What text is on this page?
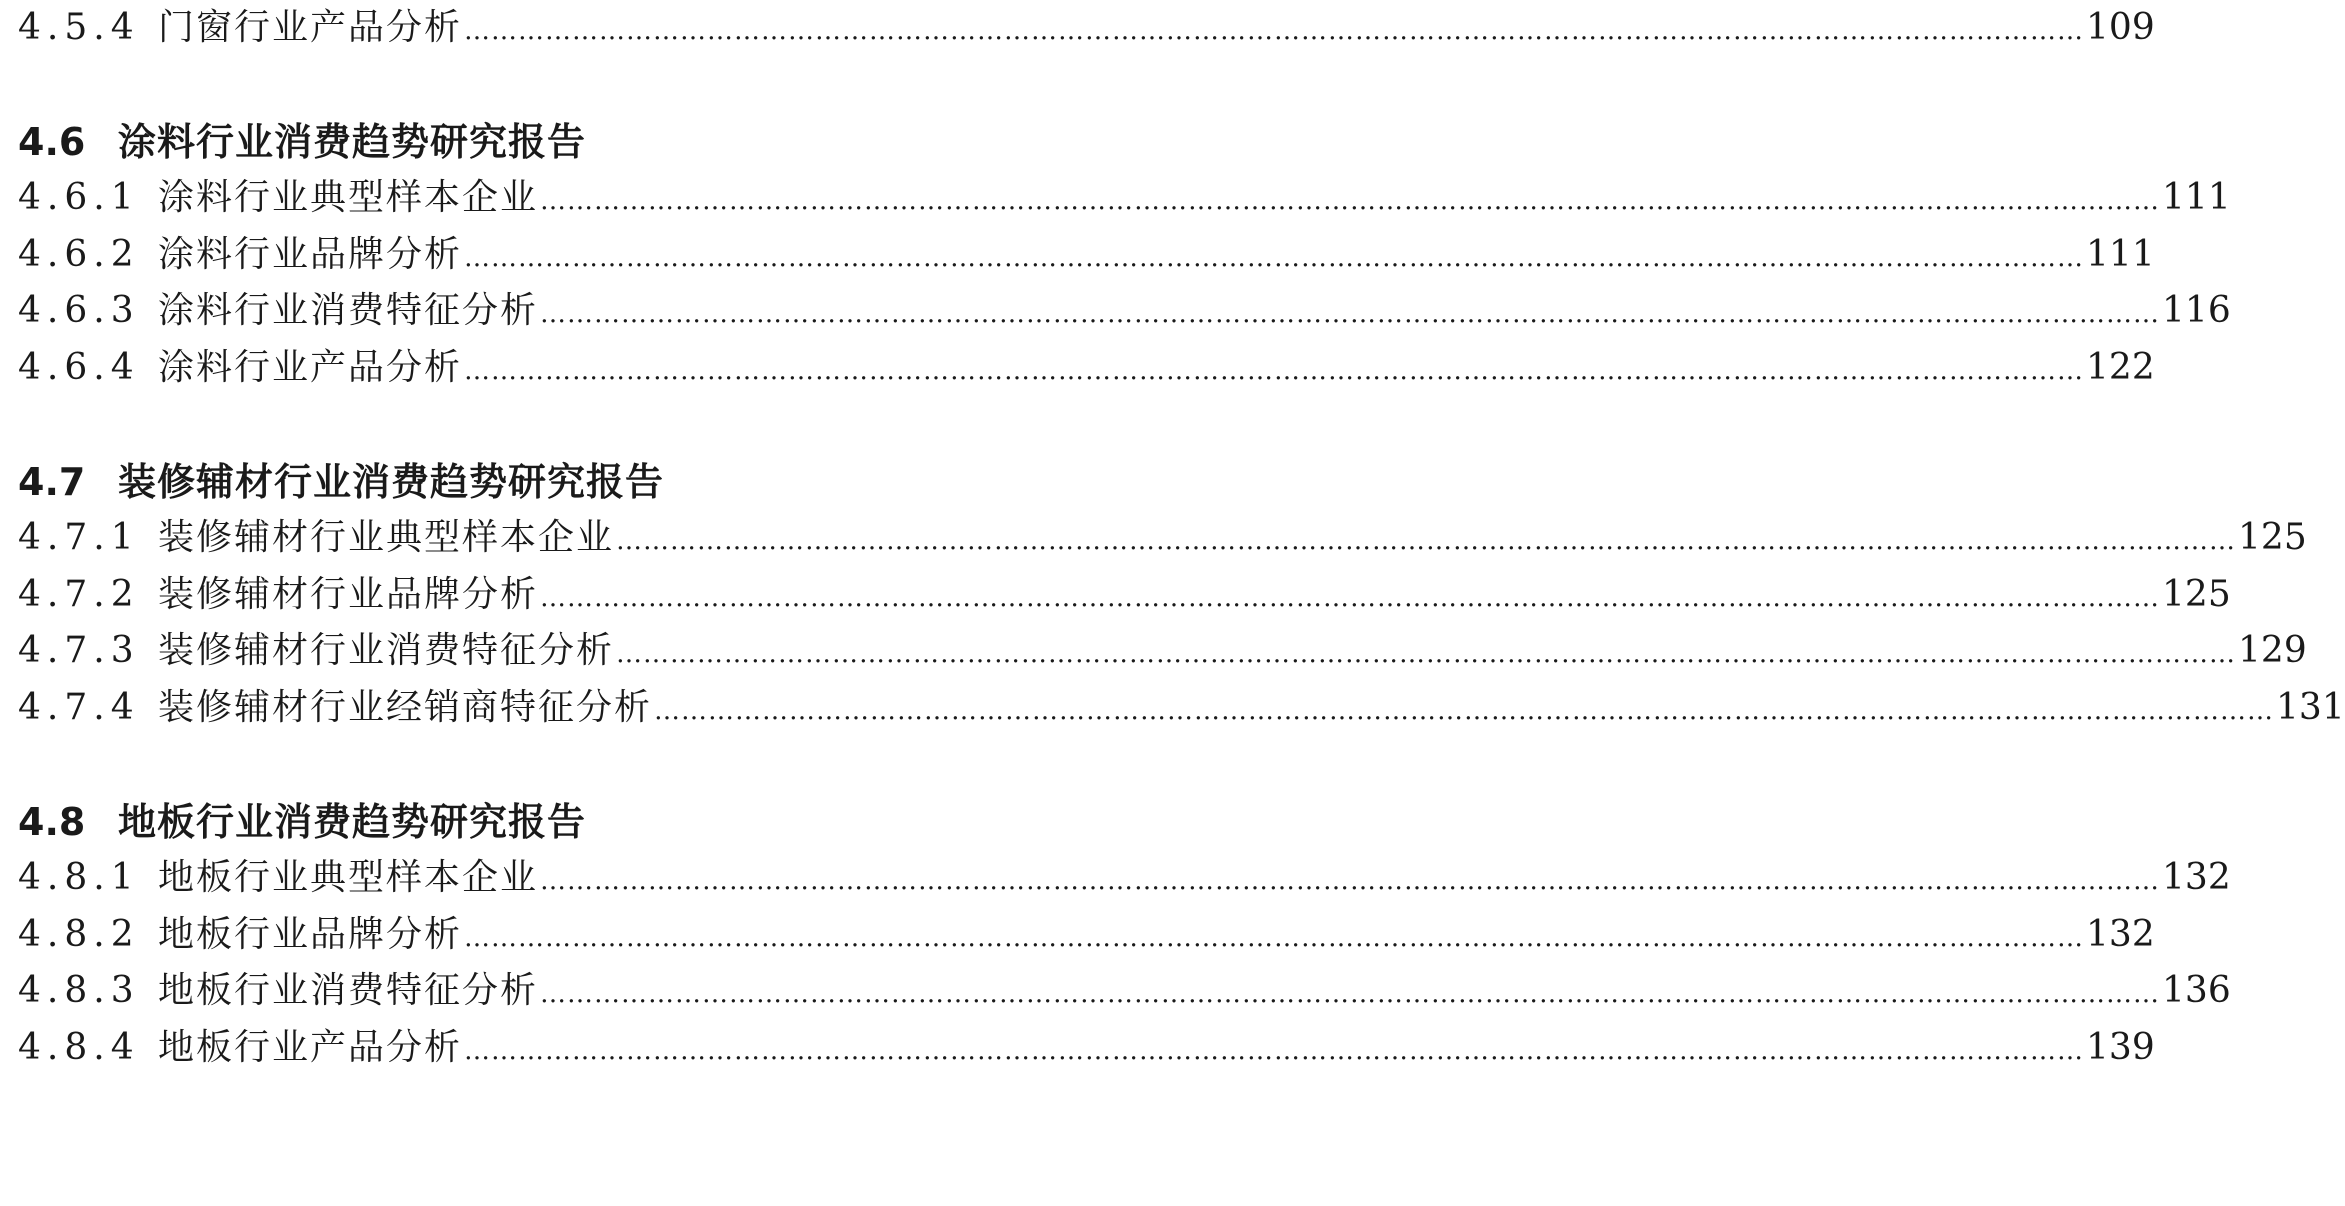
4.5.4 门窗行业产品分析 ……………………………………………………………………………………………………………………………………………………………… 109
4.6 涂料行业消费趋势研究报告
4.6.1 涂料行业典型样本企业 ……………………………………………………………………………………………………………………………………………………………… 111
4.6.2 涂料行业品牌分析 ……………………………………………………………………………………………………………………………………………………………… 111
4.6.3 涂料行业消费特征分析 ……………………………………………………………………………………………………………………………………………………………… 116
4.6.4 涂料行业产品分析 ……………………………………………………………………………………………………………………………………………………………… 122
4.7 装修辅材行业消费趋势研究报告
4.7.1 装修辅材行业典型样本企业 ……………………………………………………………………………………………………………………………………………………………… 125
4.7.2 装修辅材行业品牌分析 ……………………………………………………………………………………………………………………………………………………………… 125
4.7.3 装修辅材行业消费特征分析 ……………………………………………………………………………………………………………………………………………………………… 129
4.7.4 装修辅材行业经销商特征分析 ……………………………………………………………………………………………………………………………………………………………… 131
4.8 地板行业消费趋势研究报告
4.8.1 地板行业典型样本企业 ……………………………………………………………………………………………………………………………………………………………… 132
4.8.2 地板行业品牌分析 ……………………………………………………………………………………………………………………………………………………………… 132
4.8.3 地板行业消费特征分析 ……………………………………………………………………………………………………………………………………………………………… 136
4.8.4 地板行业产品分析 ……………………………………………………………………………………………………………………………………………………………… 139
